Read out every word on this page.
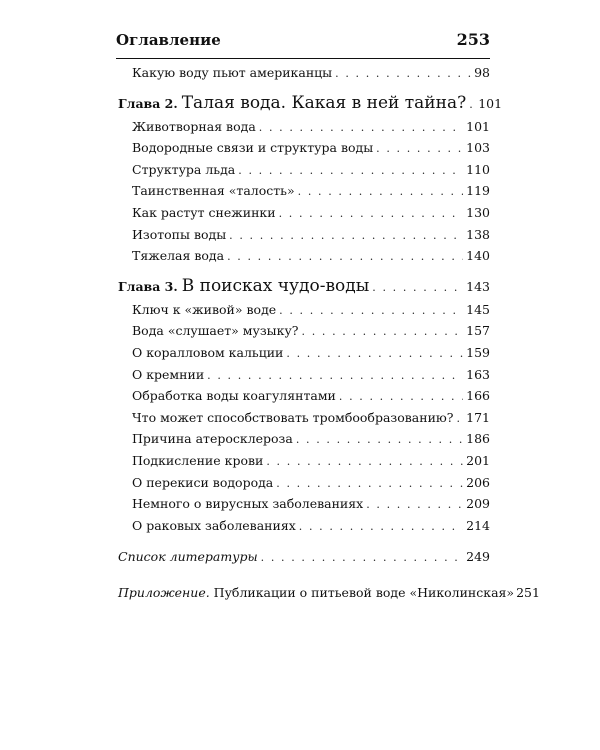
Оглавление	253
Какую воду пьют американцы . . .	98
Глава 2. Талая вода. Какая в ней тайна? . . . 101
Животворная вода . . .	101
Водородные связи и структура воды . . .	103
Структура льда . . .	110
Таинственная «талость» . . .	119
Как растут снежинки . . .	130
Изотопы воды . . .	138
Тяжелая вода . . .	140
Глава 3. В поисках чудо-воды . . .	143
Ключ к «живой» воде . . .	145
Вода «слушает» музыку? . . .	157
О коралловом кальции . . .	159
О кремнии . . .	163
Обработка воды коагулянтами . . .	166
Что может способствовать тромбообразованию? . . . 171
Причина атеросклероза . . .	186
Подкисление крови . . .	201
О перекиси водорода . . .	206
Немного о вирусных заболеваниях . . .	209
О раковых заболеваниях . . .	214
Список литературы . . .	249
Приложение. Публикации о питьевой воде «Николинская» 251
